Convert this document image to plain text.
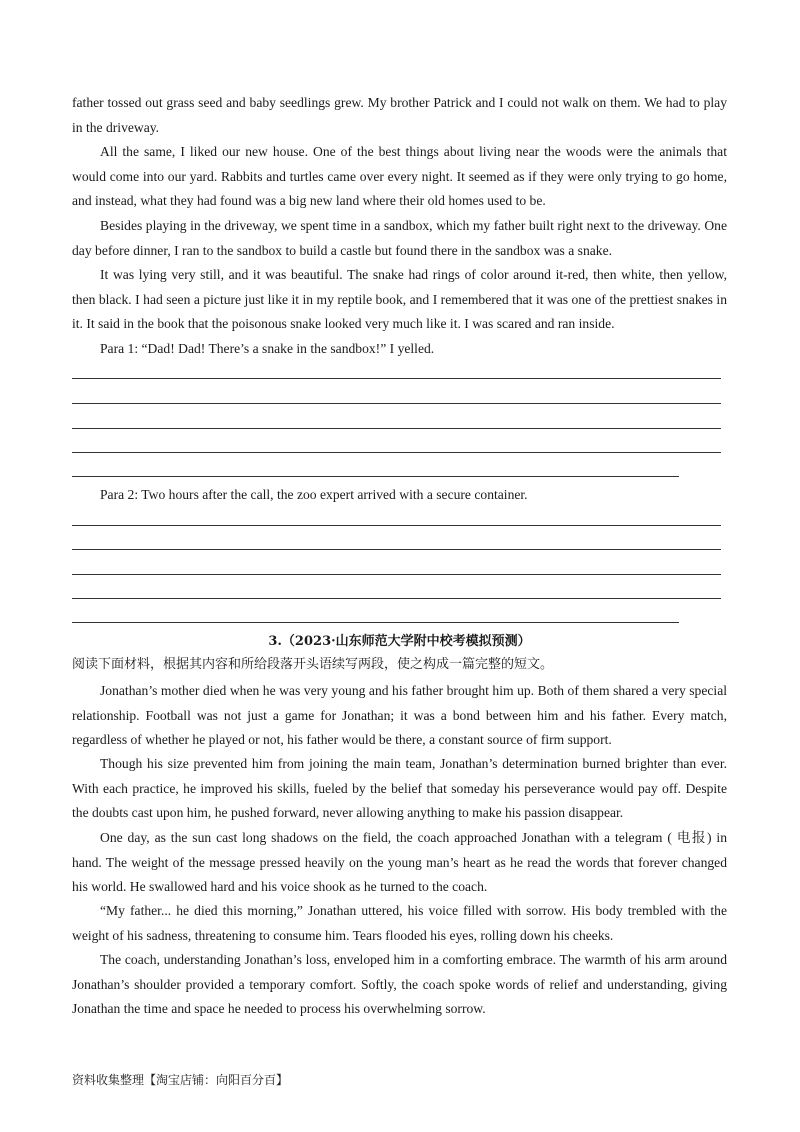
father tossed out grass seed and baby seedlings grew. My brother Patrick and I could not walk on them. We had to play in the driveway.

All the same, I liked our new house. One of the best things about living near the woods were the animals that would come into our yard. Rabbits and turtles came over every night. It seemed as if they were only trying to go home, and instead, what they had found was a big new land where their old homes used to be.

Besides playing in the driveway, we spent time in a sandbox, which my father built right next to the driveway. One day before dinner, I ran to the sandbox to build a castle but found there in the sandbox was a snake.

It was lying very still, and it was beautiful. The snake had rings of color around it-red, then white, then yellow, then black. I had seen a picture just like it in my reptile book, and I remembered that it was one of the prettiest snakes in it. It said in the book that the poisonous snake looked very much like it. I was scared and ran inside.

Para 1: “Dad! Dad! There’s a snake in the sandbox!” I yelled.

Para 2: Two hours after the call, the zoo expert arrived with a secure container.

3.（2023·山东师范大学附中校考模拟预测）
阅读下面材料，根据其内容和所给段落开头语续写两段，使之构成一篇完整的短文。

Jonathan’s mother died when he was very young and his father brought him up. Both of them shared a very special relationship. Football was not just a game for Jonathan; it was a bond between him and his father. Every match, regardless of whether he played or not, his father would be there, a constant source of firm support.

Though his size prevented him from joining the main team, Jonathan’s determination burned brighter than ever. With each practice, he improved his skills, fueled by the belief that someday his perseverance would pay off. Despite the doubts cast upon him, he pushed forward, never allowing anything to make his passion disappear.

One day, as the sun cast long shadows on the field, the coach approached Jonathan with a telegram ( 电报) in hand. The weight of the message pressed heavily on the young man’s heart as he read the words that forever changed his world. He swallowed hard and his voice shook as he turned to the coach.

“My father... he died this morning,” Jonathan uttered, his voice filled with sorrow. His body trembled with the weight of his sadness, threatening to consume him. Tears flooded his eyes, rolling down his cheeks.

The coach, understanding Jonathan’s loss, enveloped him in a comforting embrace. The warmth of his arm around Jonathan’s shoulder provided a temporary comfort. Softly, the coach spoke words of relief and understanding, giving Jonathan the time and space he needed to process his overwhelming sorrow.

资料收集整理【淘宝店铺：向阳百分百】
